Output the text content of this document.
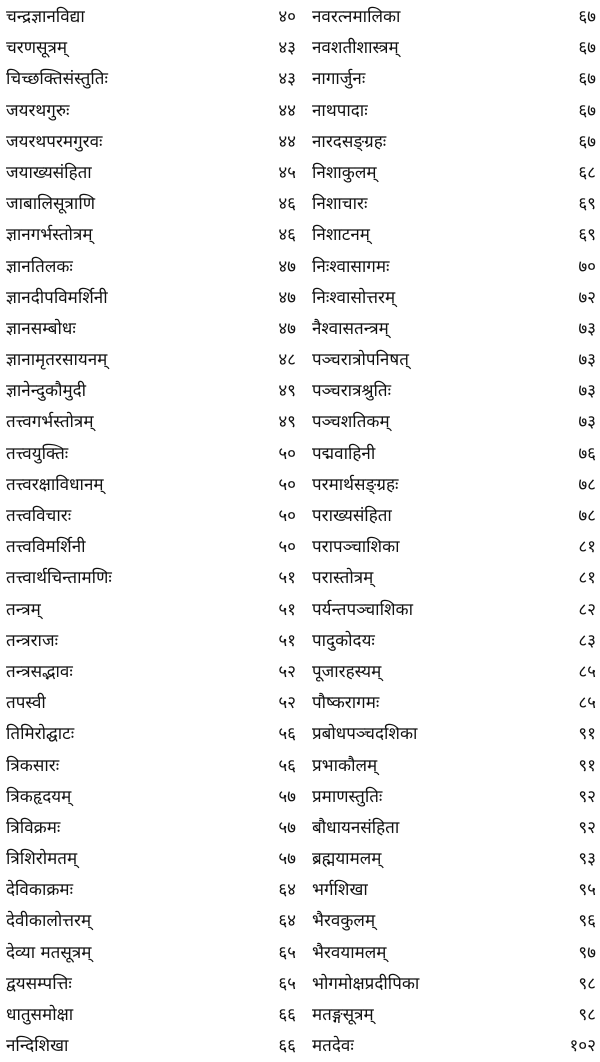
चन्द्रज्ञानविद्या	४० नवरत्नमालिका	६७
चरणसूत्रम्	४३ नवशतीशास्त्रम्	६७
चिच्छक्तिसंस्तुतिः	४३ नागार्जुनः	६७
जयरथगुरुः	४४ नाथपादाः	६७
जयरथपरमगुरवः	४४ नारदसङ्ग्रहः	६७
जयाख्यसंहिता	४५ निशाकुलम्	६८
जाबालिसूत्राणि	४६ निशाचारः	६९
ज्ञानगर्भस्तोत्रम्	४६ निशाटनम्	६९
ज्ञानतिलकः	४७ निःश्वासागमः	७०
ज्ञानदीपविमर्शिनी	४७ निःश्वासोत्तरम्	७२
ज्ञानसम्बोधः	४७ नैश्वासतन्त्रम्	७३
ज्ञानामृतरसायनम्	४८ पञ्चरात्रोपनिषत्	७३
ज्ञानेन्दुकौमुदी	४९ पञ्चरात्रश्रुतिः	७३
तत्त्वगर्भस्तोत्रम्	४९ पञ्चशतिकम्	७३
तत्त्वयुक्तिः	५० पद्मवाहिनी	७६
तत्त्वरक्षाविधानम्	५० परमार्थसङ्ग्रहः	७८
तत्त्वविचारः	५० पराख्यसंहिता	७८
तत्त्वविमर्शिनी	५० परापञ्चाशिका	८१
तत्त्वार्थचिन्तामणिः	५१ परास्तोत्रम्	८१
तन्त्रम्	५१ पर्यन्तपञ्चाशिका	८२
तन्त्रराजः	५१ पादुकोदयः	८३
तन्त्रसद्भावः	५२ पूजारहस्यम्	८५
तपस्वी	५२ पौष्करागमः	८५
तिमिरोद्घाटः	५६ प्रबोधपञ्चदशिका	९१
त्रिकसारः	५६ प्रभाकौलम्	९१
त्रिकहृदयम्	५७ प्रमाणस्तुतिः	९२
त्रिविक्रमः	५७ बौधायनसंहिता	९२
त्रिशिरोमतम्	५७ ब्रह्मयामलम्	९३
देविकाक्रमः	६४ भर्गशिखा	९५
देवीकालोत्तरम्	६४ भैरवकुलम्	९६
देव्या मतसूत्रम्	६५ भैरवयामलम्	९७
द्वयसम्पत्तिः	६५ भोगमोक्षप्रदीपिका	९८
धातुसमोक्षा	६६ मतङ्गसूत्रम्	९८
नन्दिशिखा	६६ मतदेवः	१०२
